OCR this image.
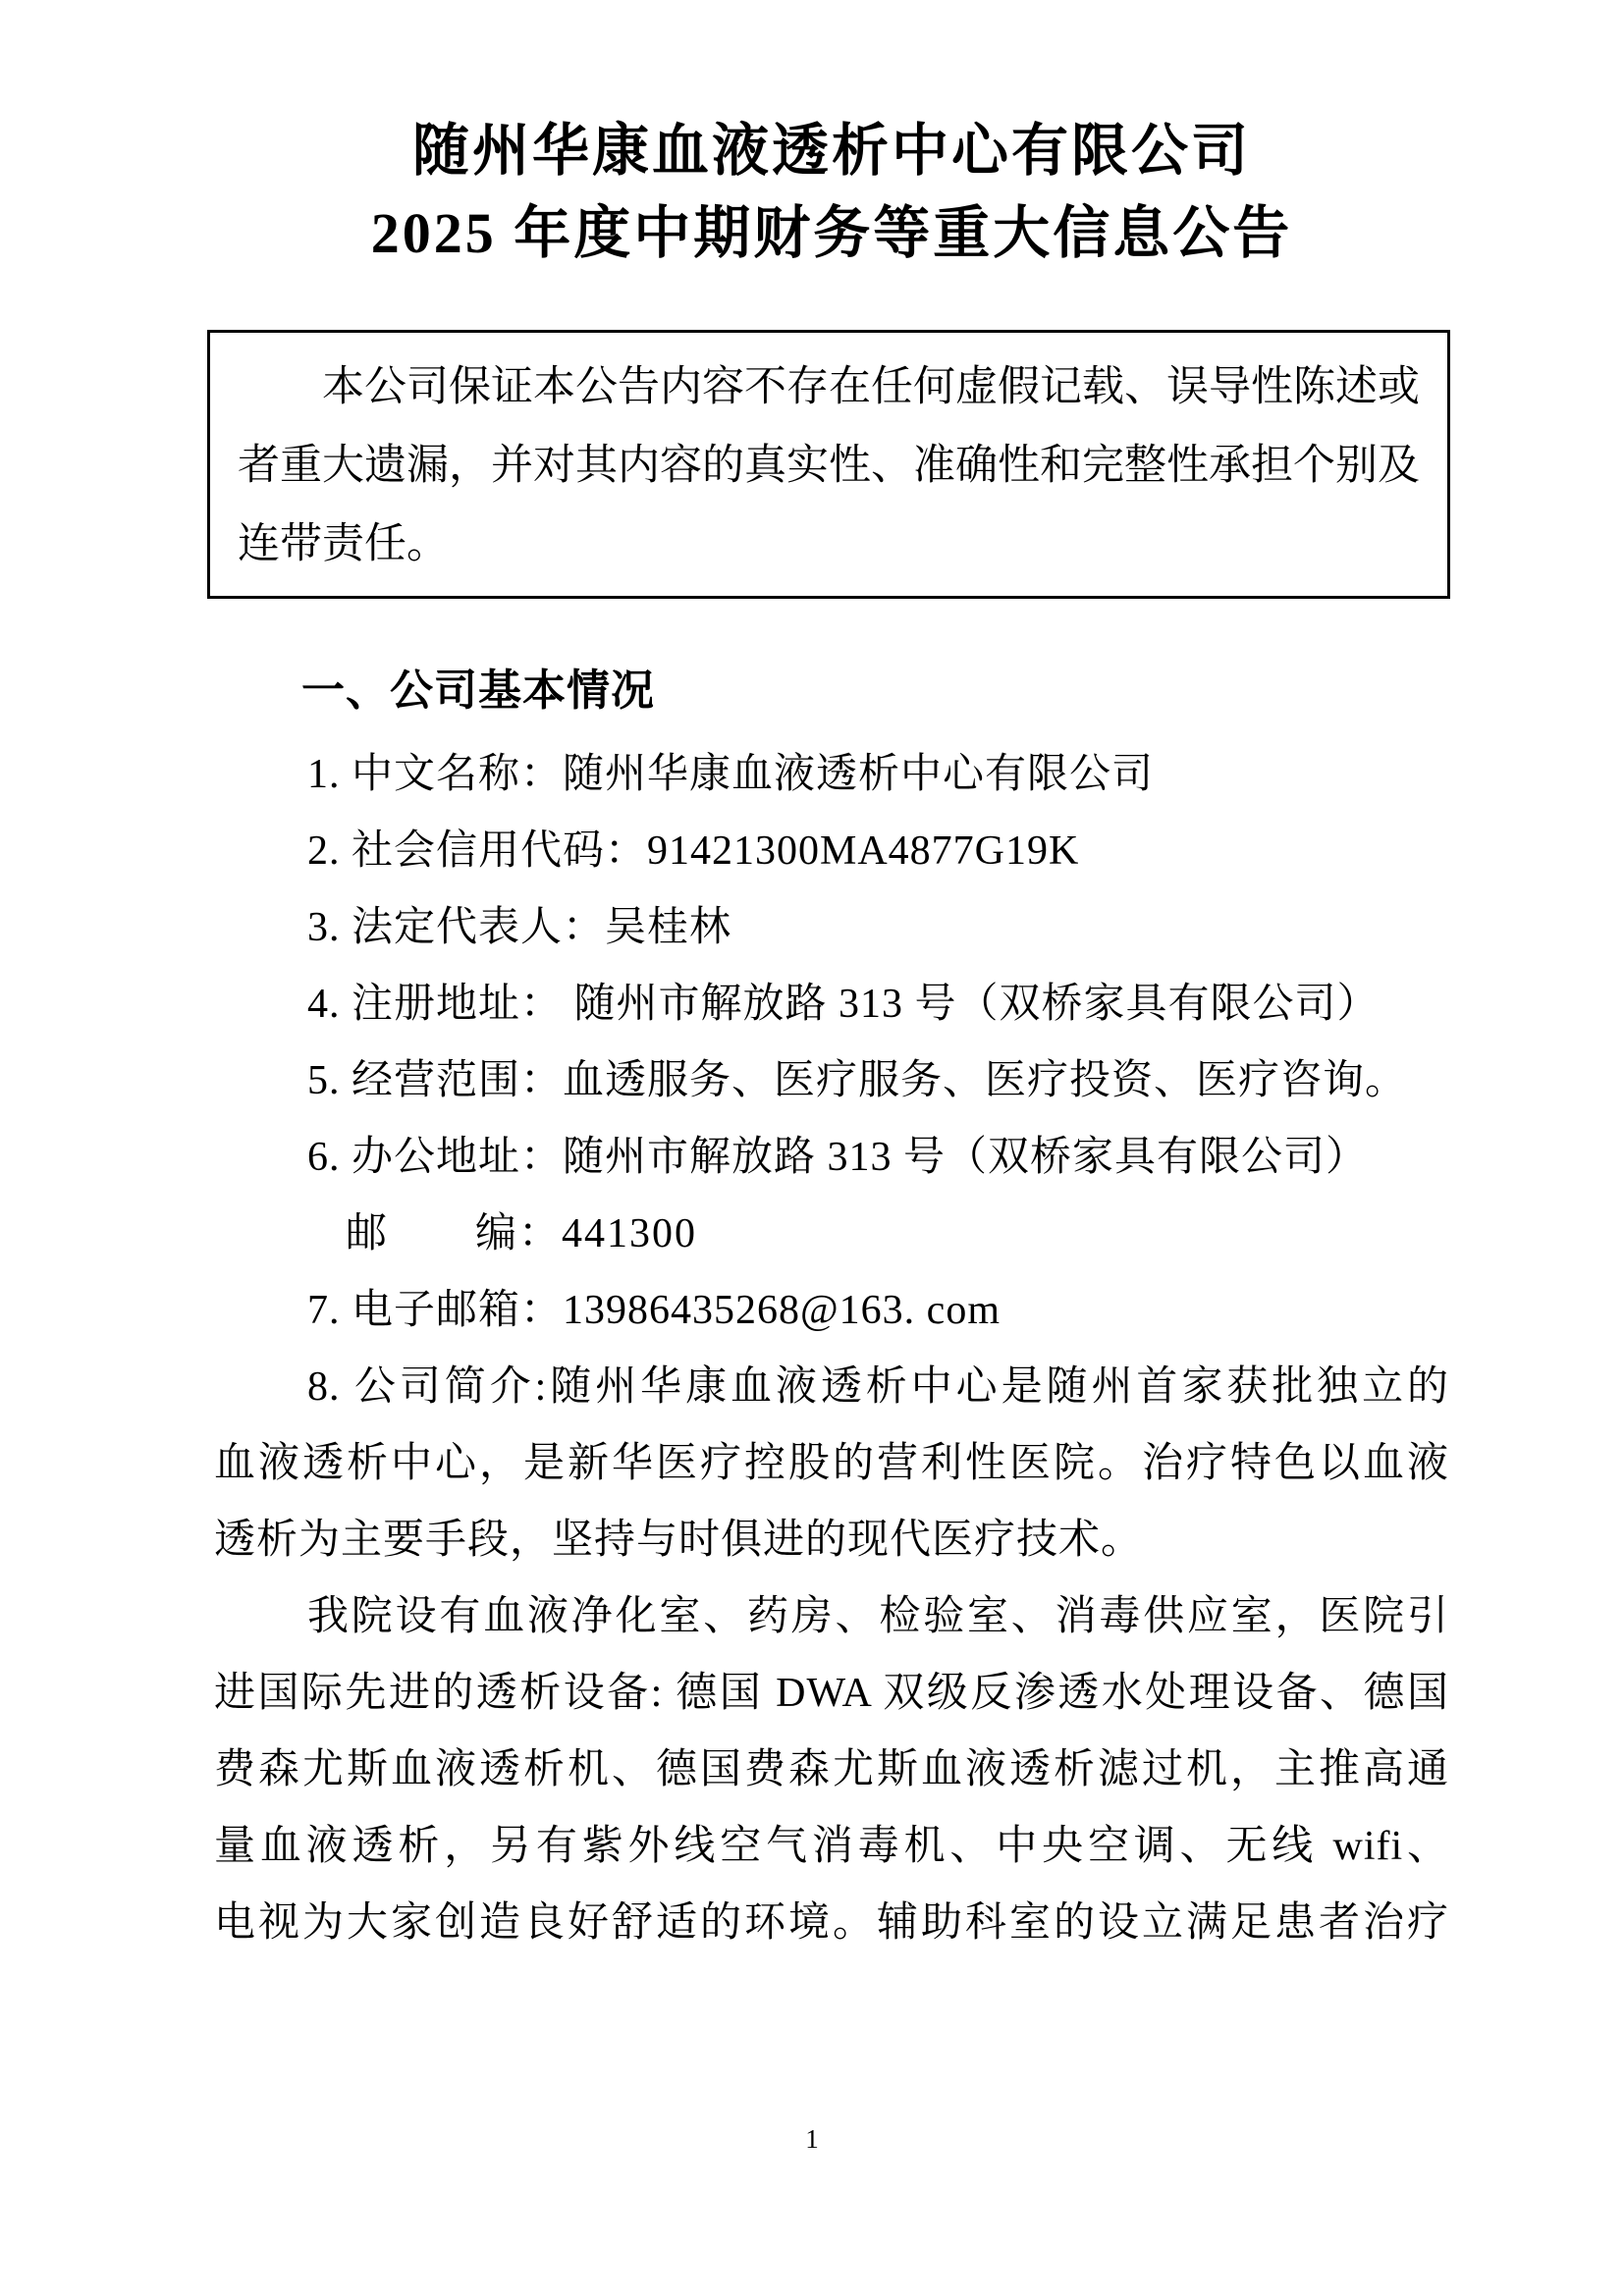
随州华康血液透析中心有限公司
2025 年度中期财务等重大信息公告
本公司保证本公告内容不存在任何虚假记载、误导性陈述或
者重大遗漏，并对其内容的真实性、准确性和完整性承担个别及
连带责任。
一、公司基本情况
1. 中文名称：随州华康血液透析中心有限公司
2. 社会信用代码：91421300MA4877G19K
3. 法定代表人：吴桂林
4. 注册地址： 随州市解放路 313 号（双桥家具有限公司）
5. 经营范围：血透服务、医疗服务、医疗投资、医疗咨询。
6. 办公地址：随州市解放路 313 号（双桥家具有限公司）
邮　　编：441300
7. 电子邮箱：13986435268@163. com
8. 公司简介:随州华康血液透析中心是随州首家获批独立的
血液透析中心，是新华医疗控股的营利性医院。治疗特色以血液
透析为主要手段，坚持与时俱进的现代医疗技术。
我院设有血液净化室、药房、检验室、消毒供应室，医院引
进国际先进的透析设备: 德国 DWA 双级反渗透水处理设备、德国
费森尤斯血液透析机、德国费森尤斯血液透析滤过机，主推高通
量血液透析，另有紫外线空气消毒机、中央空调、无线 wifi、
电视为大家创造良好舒适的环境。辅助科室的设立满足患者治疗
1
